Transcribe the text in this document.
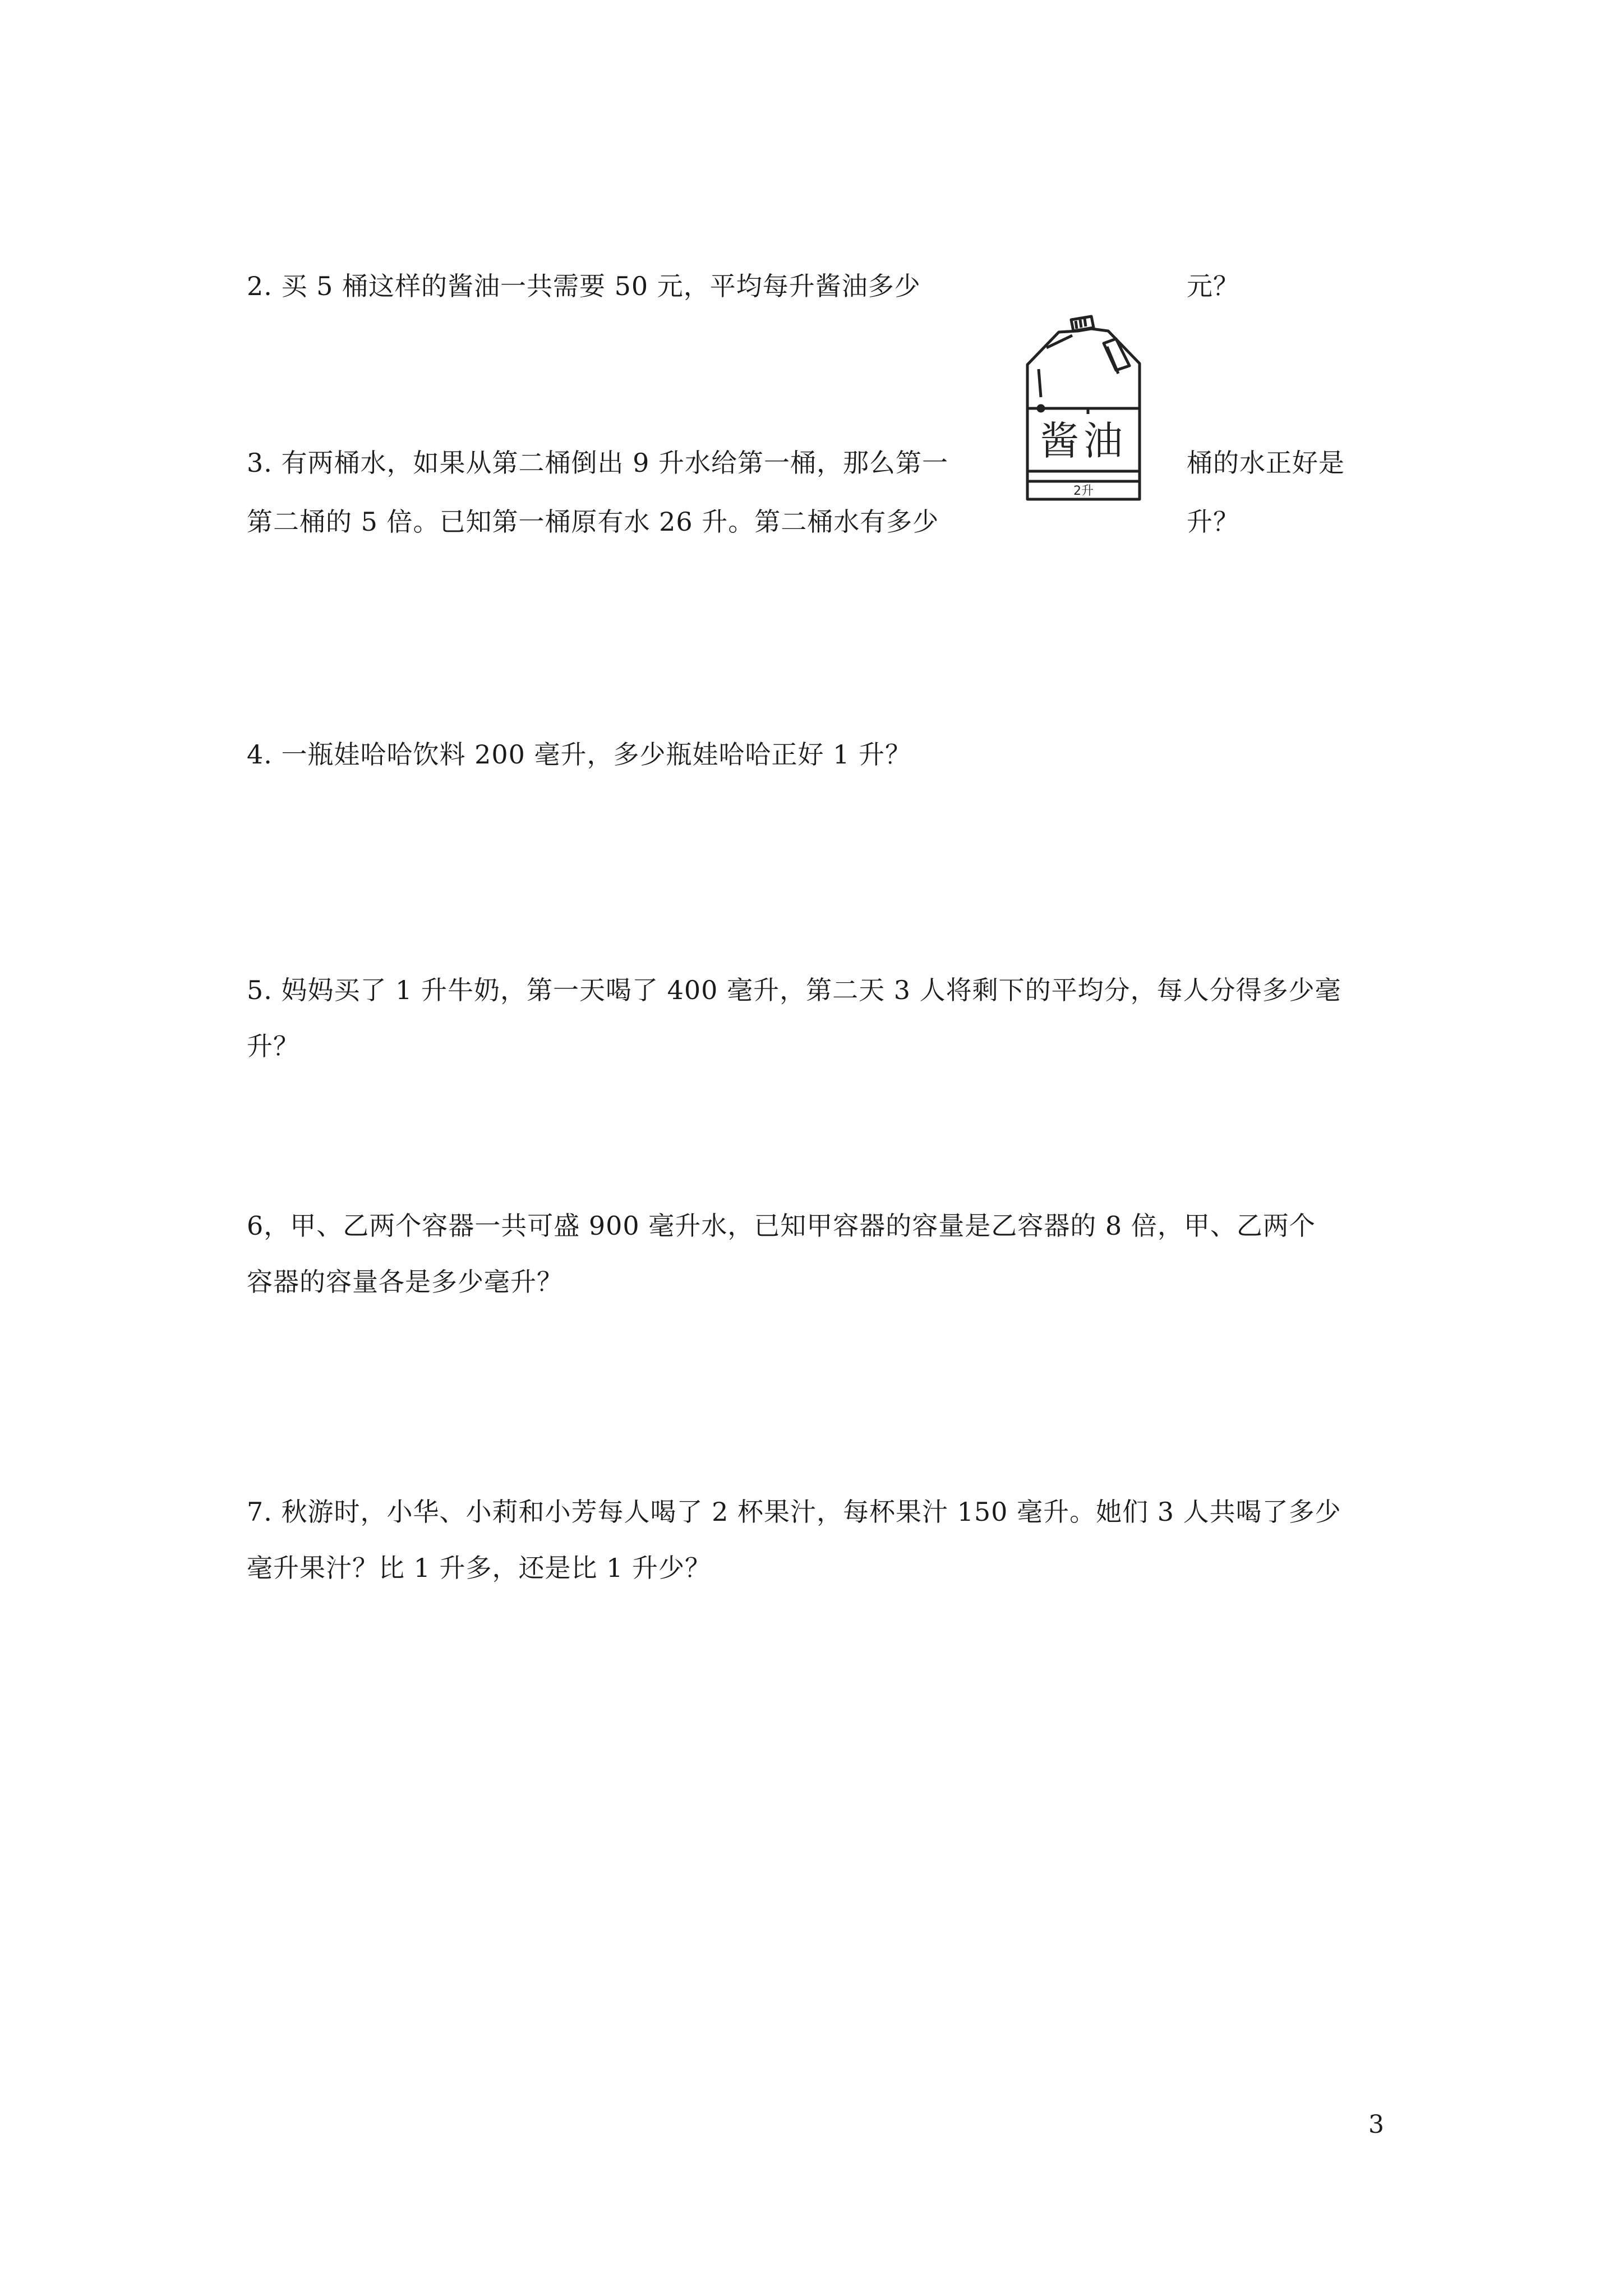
2. 买 5 桶这样的酱油一共需要 50 元，平均每升酱油多少	元？
酱油
2升
3. 有两桶水，如果从第二桶倒出 9 升水给第一桶，那么第一	桶的水正好是
第二桶的 5 倍。已知第一桶原有水 26 升。第二桶水有多少	升？
4. 一瓶娃哈哈饮料 200 毫升，多少瓶娃哈哈正好 1 升？
5. 妈妈买了 1 升牛奶，第一天喝了 400 毫升，第二天 3 人将剩下的平均分，每人分得多少毫
升？
6，甲、乙两个容器一共可盛 900 毫升水，已知甲容器的容量是乙容器的 8 倍，甲、乙两个
容器的容量各是多少毫升？
7. 秋游时，小华、小莉和小芳每人喝了 2 杯果汁，每杯果汁 150 毫升。她们 3 人共喝了多少
毫升果汁？比 1 升多，还是比 1 升少？
3
